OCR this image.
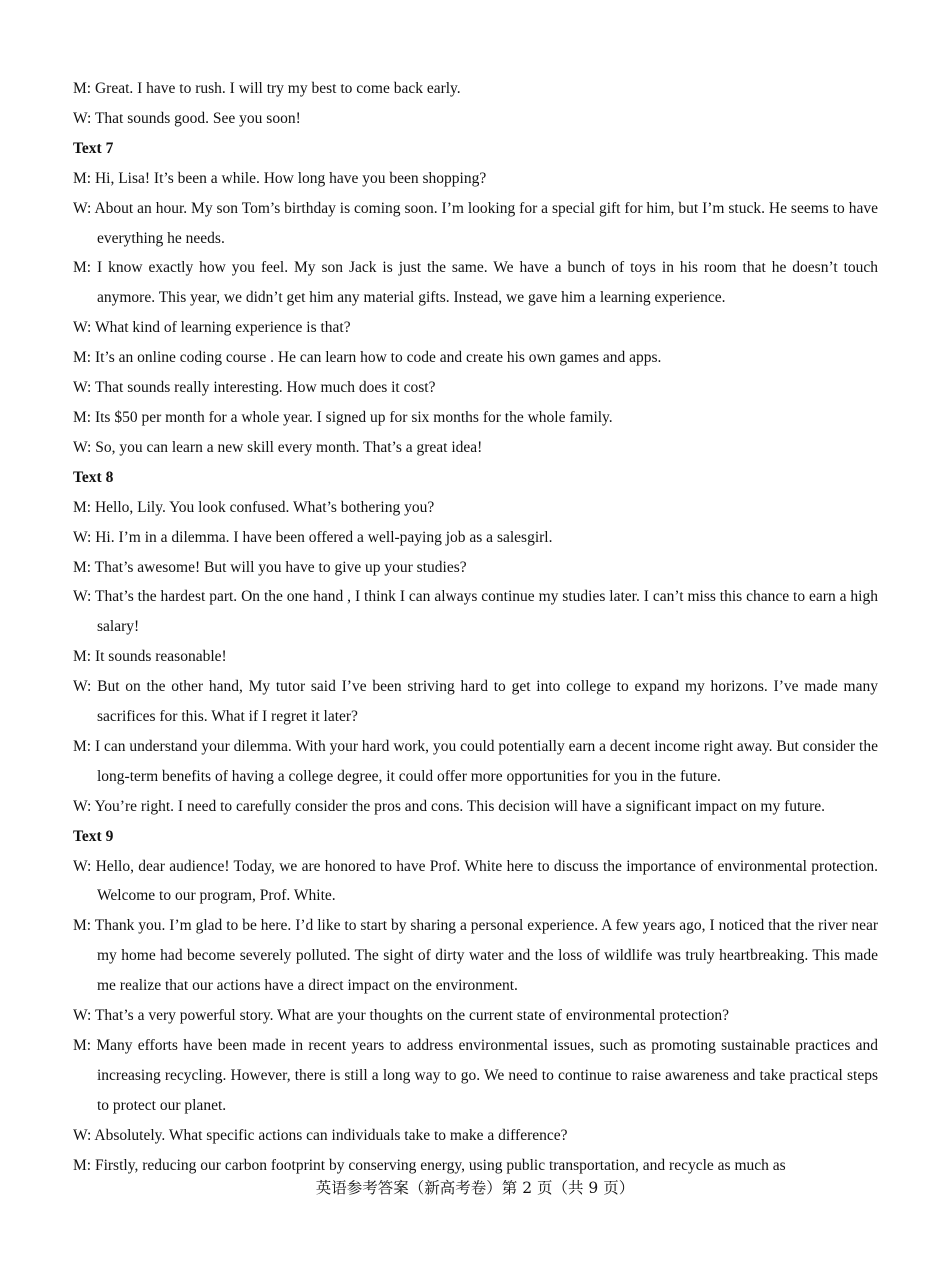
M: Great. I have to rush. I will try my best to come back early.

W: That sounds good. See you soon!

Text 7

M: Hi, Lisa! It’s been a while. How long have you been shopping?

W: About an hour. My son Tom’s birthday is coming soon. I’m looking for a special gift for him, but I’m stuck. He seems to have everything he needs.

M: I know exactly how you feel. My son Jack is just the same. We have a bunch of toys in his room that he doesn’t touch anymore. This year, we didn’t get him any material gifts. Instead, we gave him a learning experience.

W: What kind of learning experience is that?

M: It’s an online coding course . He can learn how to code and create his own games and apps.

W: That sounds really interesting. How much does it cost?

M: Its $50 per month for a whole year. I signed up for six months for the whole family.

W: So, you can learn a new skill every month. That’s a great idea!

Text 8

M: Hello, Lily. You look confused. What’s bothering you?

W: Hi. I’m in a dilemma. I have been offered a well-paying job as a salesgirl.

M: That’s awesome! But will you have to give up your studies?

W: That’s the hardest part. On the one hand , I think I can always continue my studies later. I can’t miss this chance to earn a high salary!

M: It sounds reasonable!

W: But on the other hand, My tutor said I’ve been striving hard to get into college to expand my horizons. I’ve made many sacrifices for this. What if I regret it later?

M: I can understand your dilemma. With your hard work, you could potentially earn a decent income right away. But consider the long-term benefits of having a college degree, it could offer more opportunities for you in the future.

W: You’re right. I need to carefully consider the pros and cons. This decision will have a significant impact on my future.

Text 9

W: Hello, dear audience! Today, we are honored to have Prof. White here to discuss the importance of environmental protection. Welcome to our program, Prof. White.

M: Thank you. I’m glad to be here. I’d like to start by sharing a personal experience. A few years ago, I noticed that the river near my home had become severely polluted. The sight of dirty water and the loss of wildlife was truly heartbreaking. This made me realize that our actions have a direct impact on the environment.

W: That’s a very powerful story. What are your thoughts on the current state of environmental protection?

M: Many efforts have been made in recent years to address environmental issues, such as promoting sustainable practices and increasing recycling. However, there is still a long way to go. We need to continue to raise awareness and take practical steps to protect our planet.

W: Absolutely. What specific actions can individuals take to make a difference?

M: Firstly, reducing our carbon footprint by conserving energy, using public transportation, and recycle as much as

英语参考答案（新高考卷）第 2 页（共 9 页）
